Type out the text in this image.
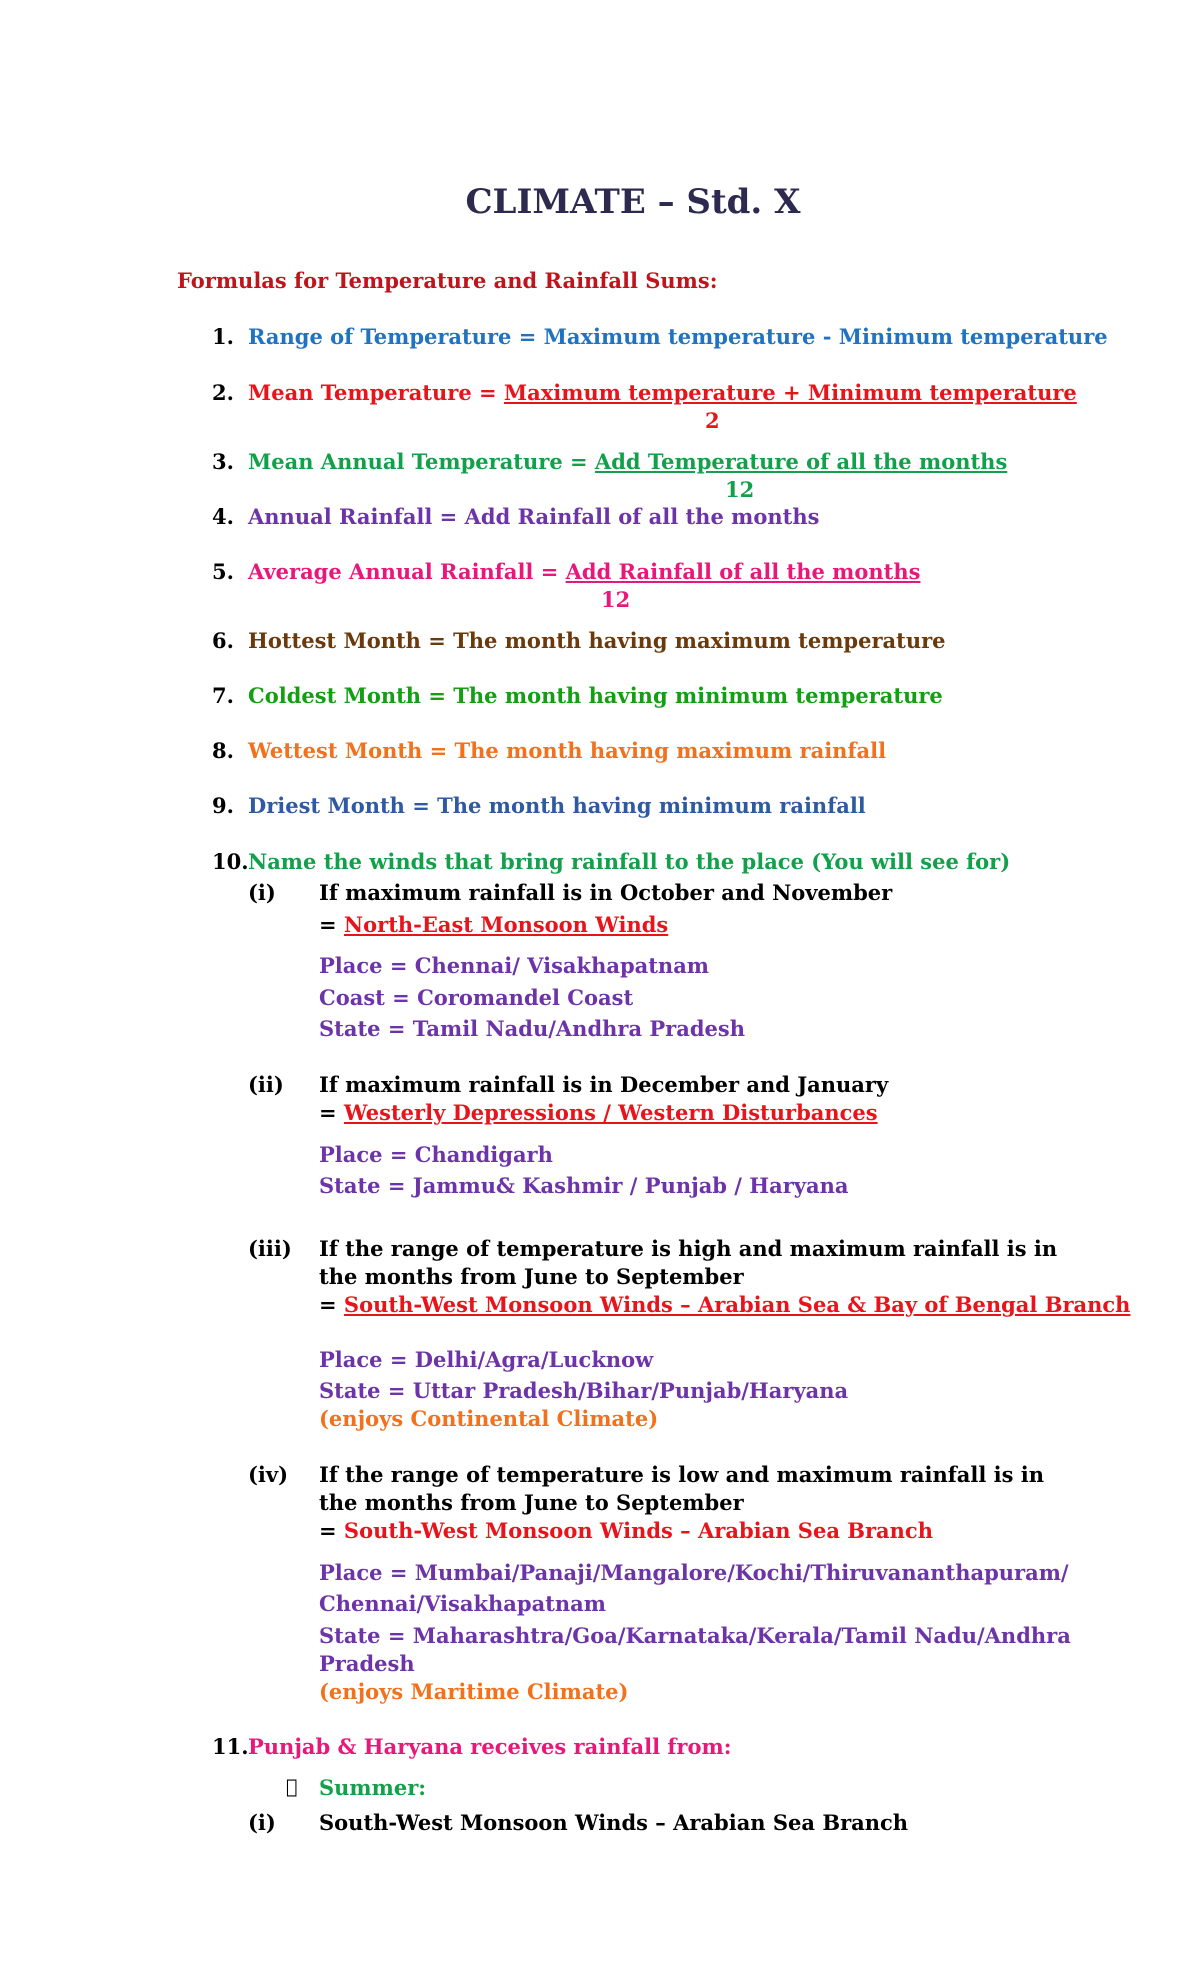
CLIMATE – Std. X
Formulas for Temperature and Rainfall Sums:
1. Range of Temperature = Maximum temperature - Minimum temperature
2. Mean Temperature = Maximum temperature + Minimum temperature
2
3. Mean Annual Temperature = Add Temperature of all the months
12
4. Annual Rainfall = Add Rainfall of all the months
5. Average Annual Rainfall = Add Rainfall of all the months
12
6. Hottest Month = The month having maximum temperature
7. Coldest Month = The month having minimum temperature
8. Wettest Month = The month having maximum rainfall
9. Driest Month = The month having minimum rainfall
10. Name the winds that bring rainfall to the place (You will see for)
(i) If maximum rainfall is in October and November
= North-East Monsoon Winds
Place = Chennai/ Visakhapatnam
Coast = Coromandel Coast
State = Tamil Nadu/Andhra Pradesh
(ii) If maximum rainfall is in December and January
= Westerly Depressions / Western Disturbances
Place = Chandigarh
State = Jammu& Kashmir / Punjab / Haryana
(iii) If the range of temperature is high and maximum rainfall is in
the months from June to September
= South-West Monsoon Winds – Arabian Sea & Bay of Bengal Branch
Place = Delhi/Agra/Lucknow
State = Uttar Pradesh/Bihar/Punjab/Haryana
(enjoys Continental Climate)
(iv) If the range of temperature is low and maximum rainfall is in
the months from June to September
= South-West Monsoon Winds – Arabian Sea Branch
Place = Mumbai/Panaji/Mangalore/Kochi/Thiruvananthapuram/
Chennai/Visakhapatnam
State = Maharashtra/Goa/Karnataka/Kerala/Tamil Nadu/Andhra
Pradesh
(enjoys Maritime Climate)
11. Punjab & Haryana receives rainfall from:
Summer:
(i) South-West Monsoon Winds – Arabian Sea Branch
